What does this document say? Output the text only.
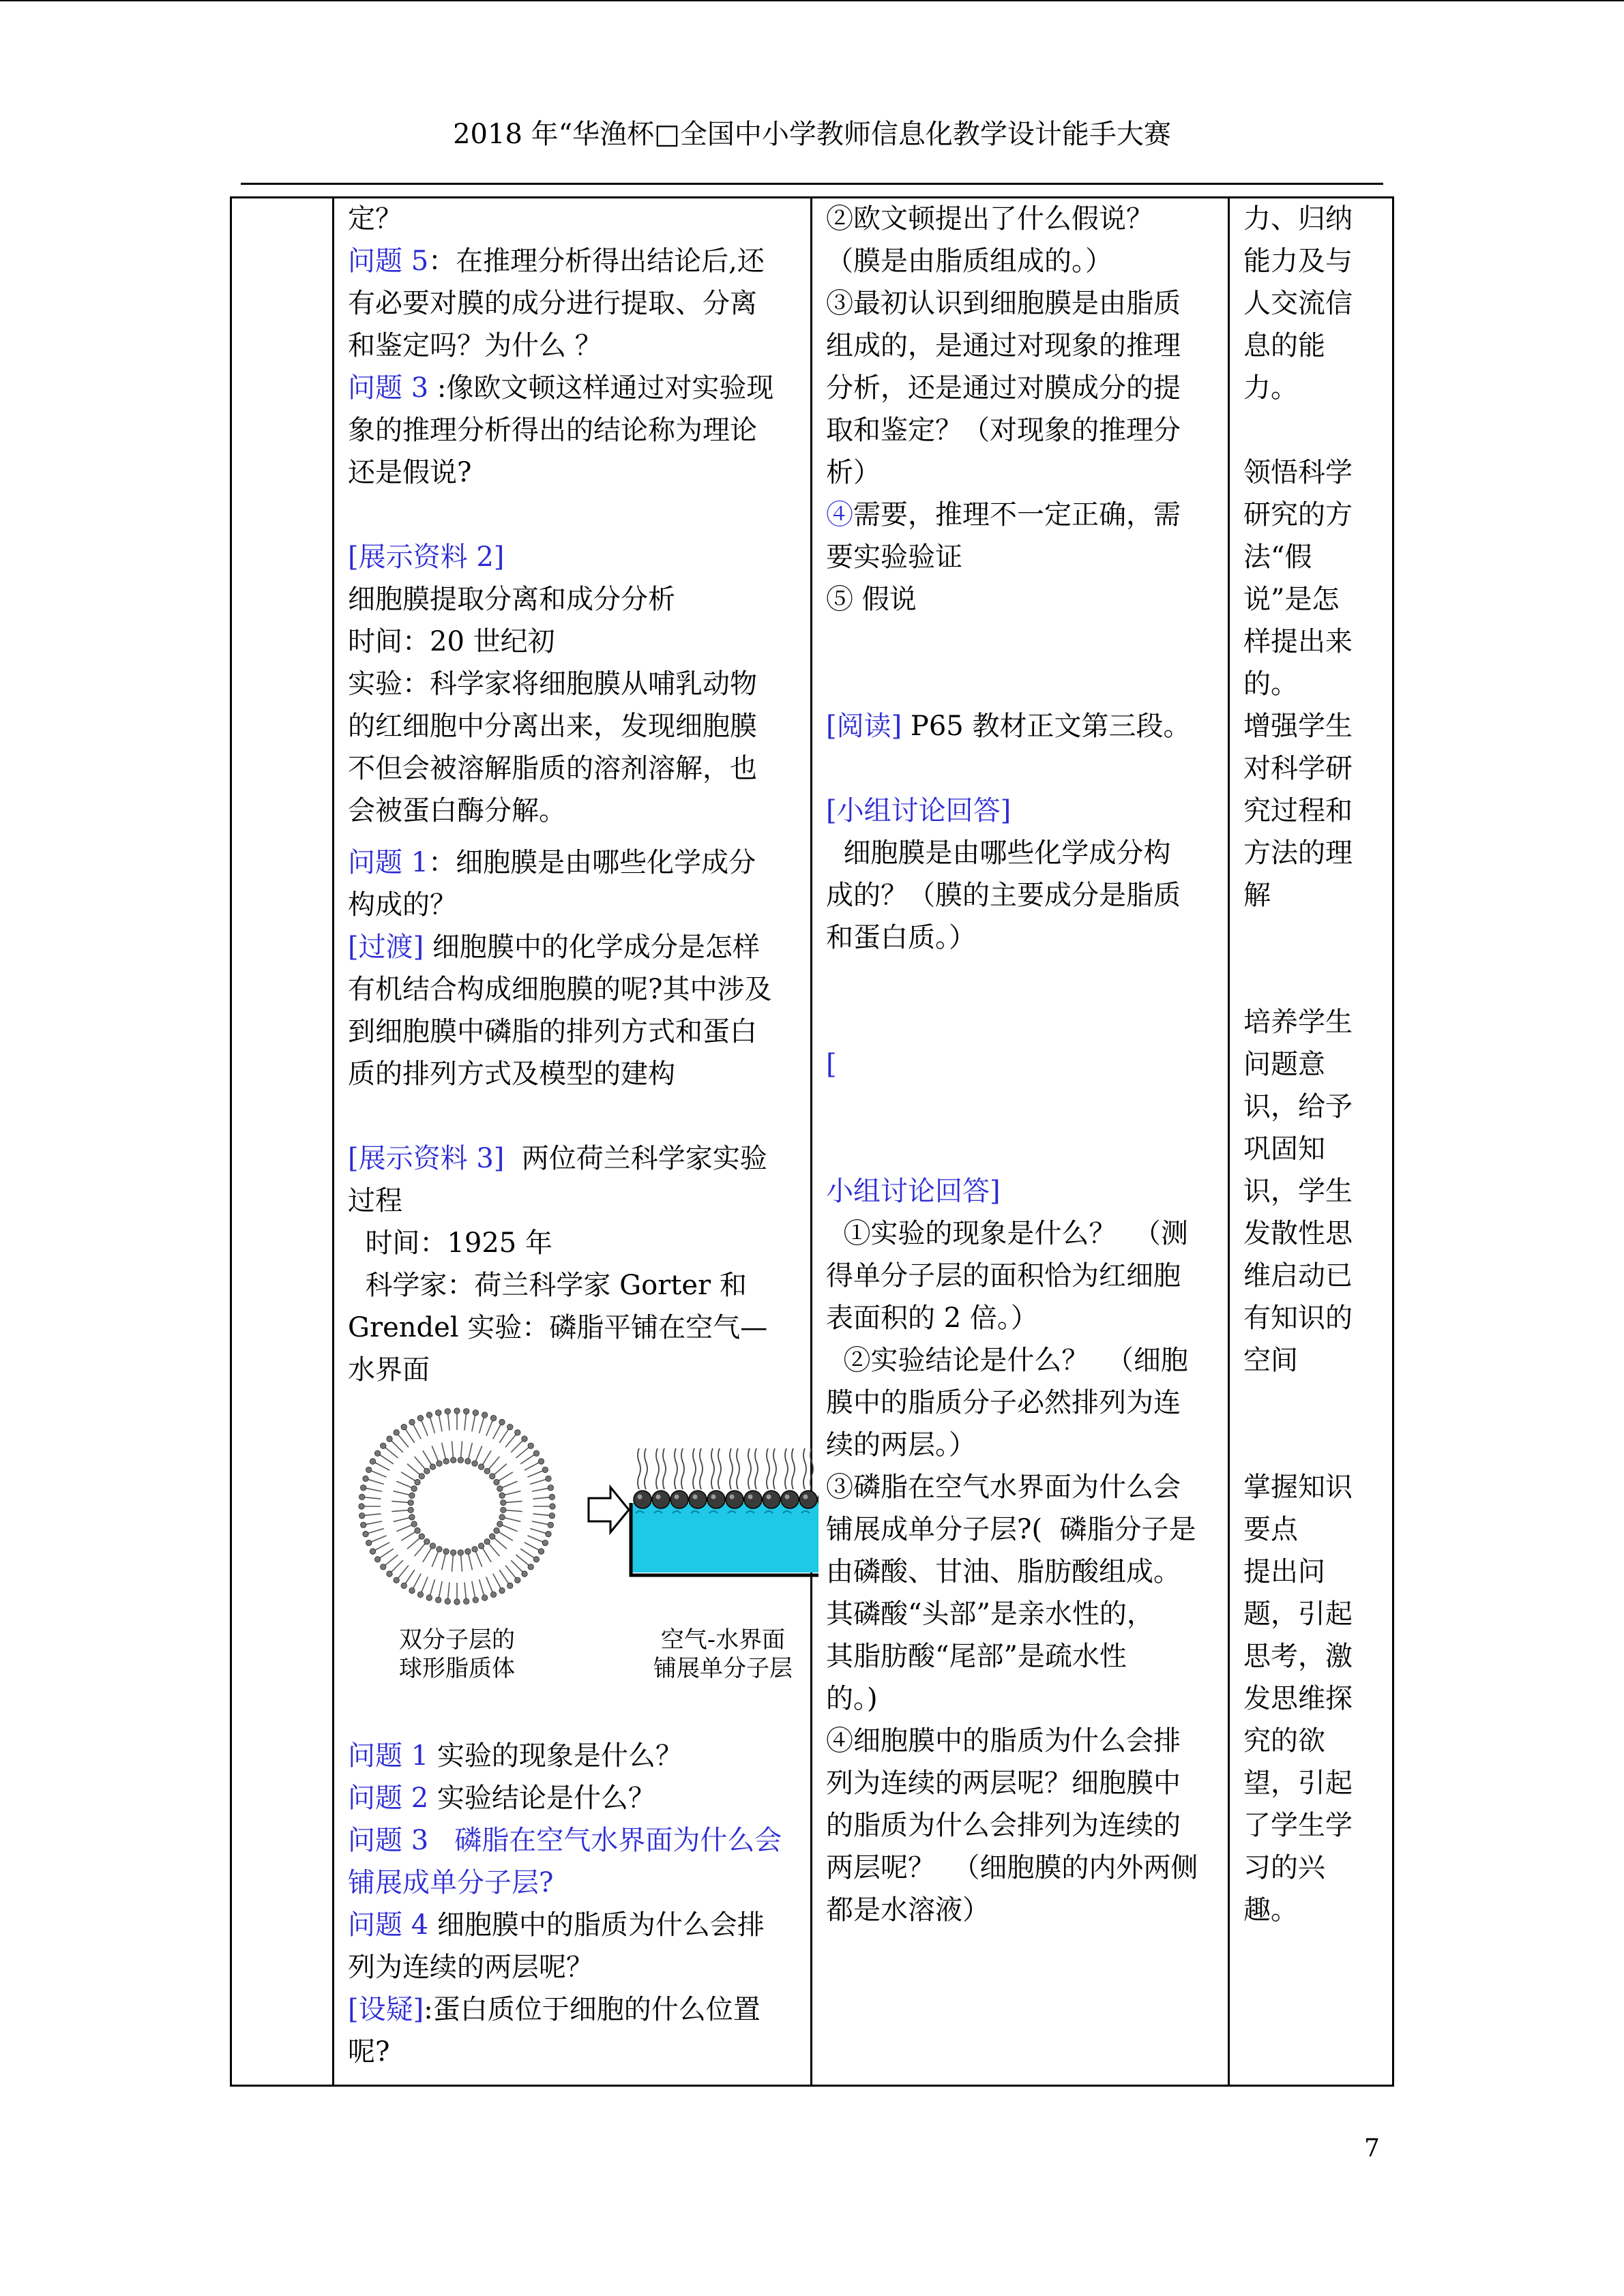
2018 年“华渔杯□全国中小学教师信息化教学设计能手大赛

定？

问题 5：在推理分析得出结论后,还

有必要对膜的成分进行提取、分离

和鉴定吗？为什么 ？

问题 3 :像欧文顿这样通过对实验现

象的推理分析得出的结论称为理论

还是假说?

[展示资料 2]

细胞膜提取分离和成分分析

时间：20 世纪初

实验：科学家将细胞膜从哺乳动物

的红细胞中分离出来，发现细胞膜

不但会被溶解脂质的溶剂溶解，也

会被蛋白酶分解。

问题 1：细胞膜是由哪些化学成分

构成的？

[过渡] 细胞膜中的化学成分是怎样

有机结合构成细胞膜的呢?其中涉及

到细胞膜中磷脂的排列方式和蛋白

质的排列方式及模型的建构

[展示资料 3]  两位荷兰科学家实验

过程

时间：1925 年

科学家：荷兰科学家 Gorter 和

Grendel 实验：磷脂平铺在空气—

水界面

双分子层的
球形脂质体
空气-水界面
铺展单分子层

问题 1 实验的现象是什么？

问题 2 实验结论是什么？

问题 3   磷脂在空气水界面为什么会

铺展成单分子层?

问题 4 细胞膜中的脂质为什么会排

列为连续的两层呢？

[设疑]:蛋白质位于细胞的什么位置

呢?

②欧文顿提出了什么假说？

（膜是由脂质组成的。）

③最初认识到细胞膜是由脂质

组成的，是通过对现象的推理

分析，还是通过对膜成分的提

取和鉴定？（对现象的推理分

析）

④需要，推理不一定正确，需

要实验验证

⑤ 假说

[阅读] P65 教材正文第三段。

[小组讨论回答]

细胞膜是由哪些化学成分构

成的？（膜的主要成分是脂质

和蛋白质。）

[

小组讨论回答]

①实验的现象是什么？  （测

得单分子层的面积恰为红细胞

表面积的 2 倍。）

②实验结论是什么？  （细胞

膜中的脂质分子必然排列为连

续的两层。）

③磷脂在空气水界面为什么会

铺展成单分子层?(  磷脂分子是

由磷酸、甘油、脂肪酸组成。

其磷酸“头部”是亲水性的，

其脂肪酸“尾部”是疏水性

的。)

④细胞膜中的脂质为什么会排

列为连续的两层呢？细胞膜中

的脂质为什么会排列为连续的

两层呢？  （细胞膜的内外两侧

都是水溶液）

力、归纳

能力及与

人交流信

息的能

力。

领悟科学

研究的方

法“假

说”是怎

样提出来

的。

增强学生

对科学研

究过程和

方法的理

解

培养学生

问题意

识，给予

巩固知

识，学生

发散性思

维启动已

有知识的

空间

掌握知识

要点

提出问

题，引起

思考，激

发思维探

究的欲

望，引起

了学生学

习的兴

趣。

7
